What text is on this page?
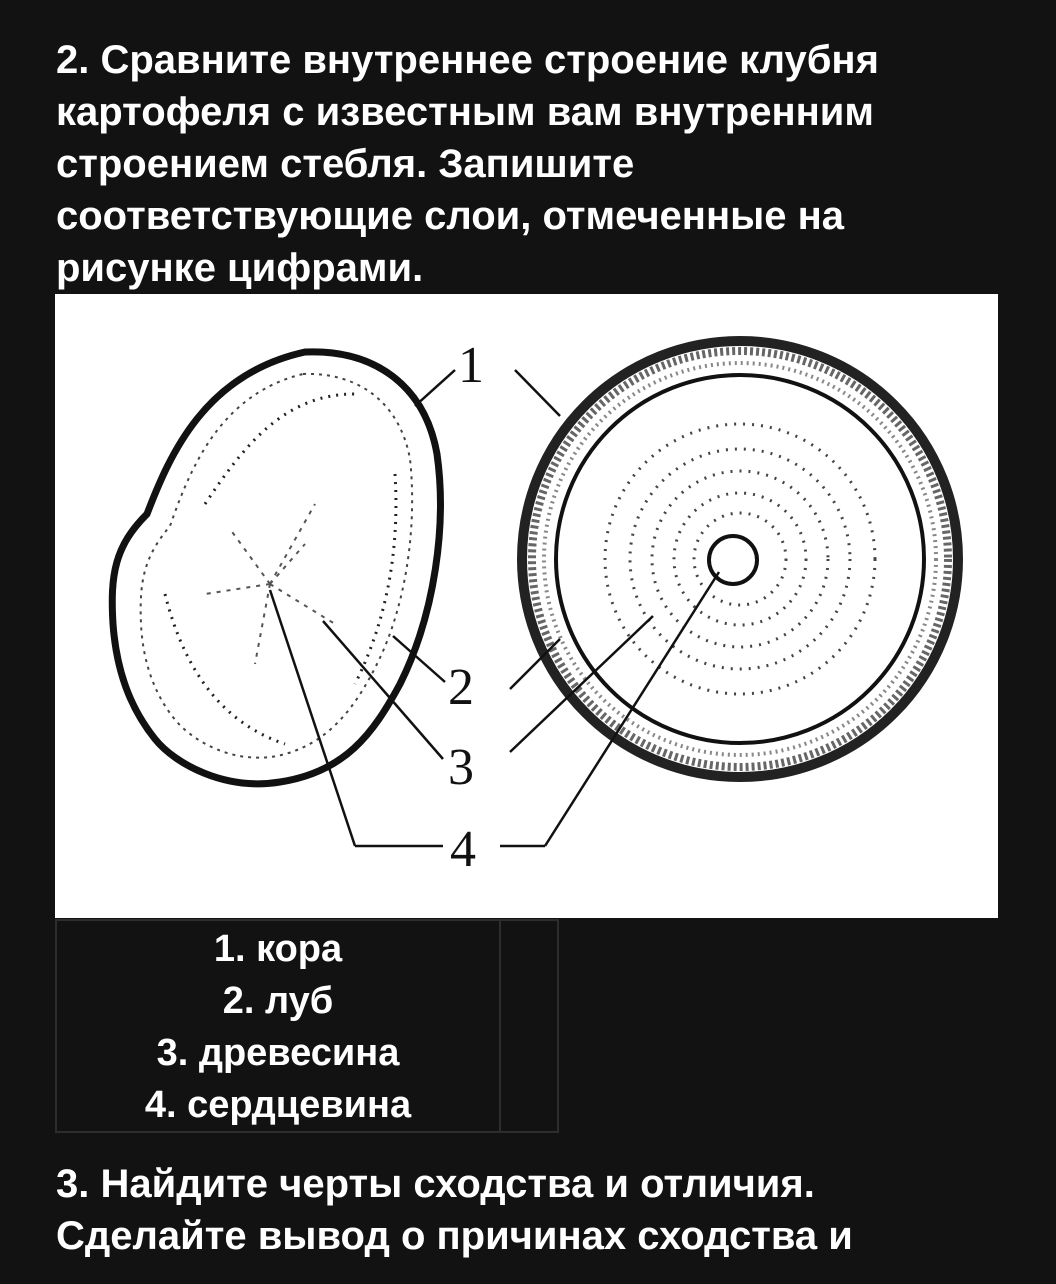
2. Сравните внутреннее строение клубня
картофеля с известным вам внутренним
строением стебля. Запишите
соответствующие слои, отмеченные на
рисунке цифрами.
1
2
3
4
1. кора
2. луб
3. древесина
4. сердцевина

3. Найдите черты сходства и отличия.
Сделайте вывод о причинах сходства и
